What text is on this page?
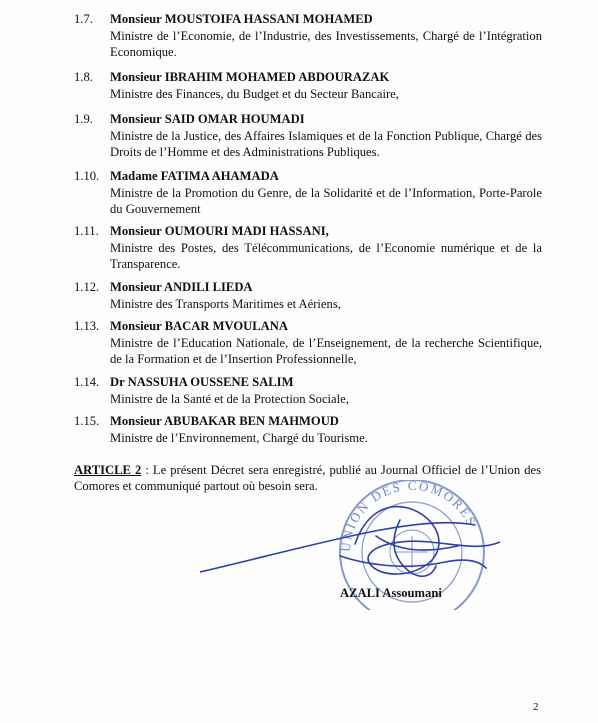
1.7. Monsieur MOUSTOIFA HASSANI MOHAMED
Ministre de l’Economie, de l’Industrie, des Investissements, Chargé de l’Intégration Economique.
1.8. Monsieur IBRAHIM MOHAMED ABDOURAZAK
Ministre des Finances, du Budget et du Secteur Bancaire,
1.9. Monsieur SAID OMAR HOUMADI
Ministre de la Justice, des Affaires Islamiques et de la Fonction Publique, Chargé des Droits de l’Homme et des Administrations Publiques.
1.10. Madame FATIMA AHAMADA
Ministre de la Promotion du Genre, de la Solidarité et de l’Information, Porte-Parole du Gouvernement
1.11. Monsieur OUMOURI MADI HASSANI,
Ministre des Postes, des Télécommunications, de l’Economie numérique et de la Transparence.
1.12. Monsieur ANDILI LIEDA
Ministre des Transports Maritimes et Aériens,
1.13. Monsieur BACAR MVOULANA
Ministre de l’Education Nationale, de l’Enseignement, de la recherche Scientifique, de la Formation et de l’Insertion Professionnelle,
1.14. Dr NASSUHA OUSSENE SALIM
Ministre de la Santé et de la Protection Sociale,
1.15. Monsieur ABUBAKAR BEN MAHMOUD
Ministre de l’Environnement, Chargé du Tourisme.
ARTICLE 2 : Le présent Décret sera enregistré, publié au Journal Officiel de l’Union des Comores et communiqué partout où besoin sera.
UNION DES COMORES
AZALI Assoumani
2
